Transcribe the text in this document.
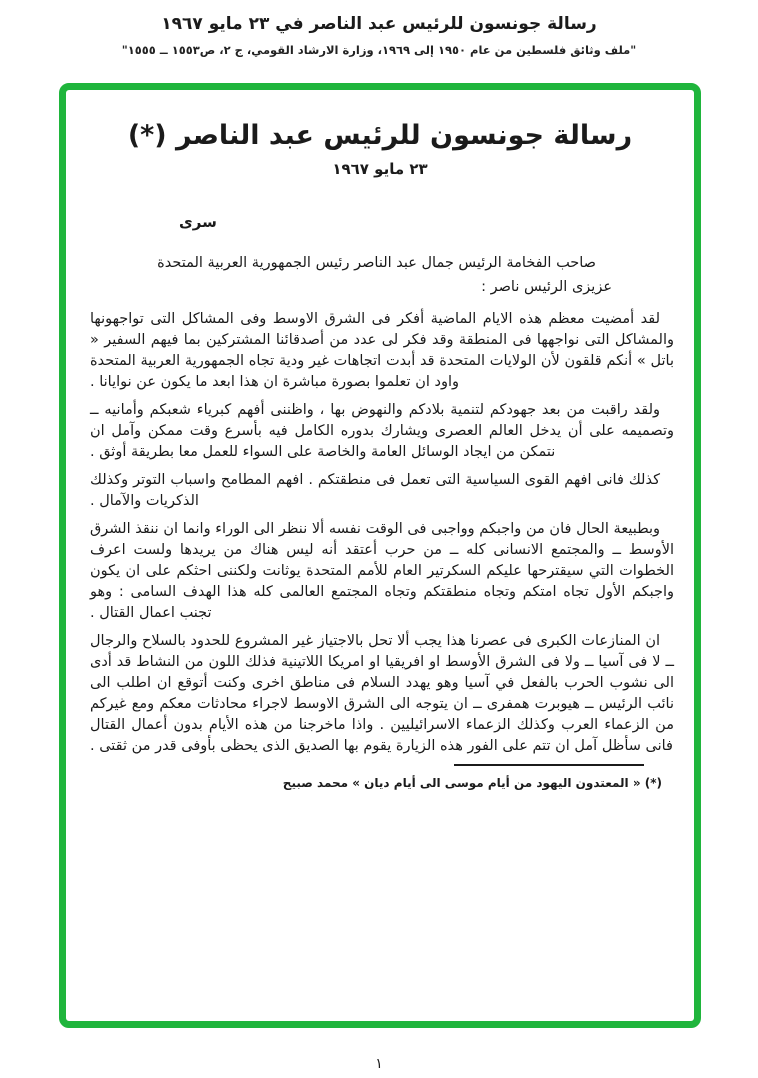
رسالة جونسون للرئيس عبد الناصر في ٢٣ مايو ١٩٦٧
"ملف وثائق فلسطين من عام ١٩٥٠ إلى ١٩٦٩، وزارة الارشاد القومي، ج ٢، ص١٥٥٣ ــ ١٥٥٥"
رسالة جونسون للرئيس عبد الناصر (*)
٢٣ مايو ١٩٦٧
سرى
صاحب الفخامة الرئيس جمال عبد الناصر رئيس الجمهورية العربية المتحدة
عزيزى الرئيس ناصر :

لقد أمضيت معظم هذه الايام الماضية أفكر فى الشرق الاوسط وفى المشاكل التى تواجهونها والمشاكل التى نواجهها فى المنطقة وقد فكر لى عدد من أصدقائنا المشتركين بما فيهم السفير « باتل » أنكم قلقون لأن الولايات المتحدة قد أبدت اتجاهات غير ودية تجاه الجمهورية العربية المتحدة واود ان تعلموا بصورة مباشرة ان هذا ابعد ما يكون عن نوايانا .

ولقد راقبت من بعد جهودكم لتنمية بلادكم والنهوض بها ، واظننى أفهم كبرياء شعبكم وأمانيه ــ وتصميمه على أن يدخل العالم العصرى ويشارك بدوره الكامل فيه بأسرع وقت ممكن وآمل ان نتمكن من ايجاد الوسائل العامة والخاصة على السواء للعمل معا بطريقة أوثق .

كذلك فانى افهم القوى السياسية التى تعمل فى منطقتكم . افهم المطامح واسباب التوتر وكذلك الذكريات والآمال .

وبطبيعة الحال فان من واجبكم وواجبى فى الوقت نفسه ألا ننظر الى الوراء وانما ان ننقذ الشرق الأوسط ــ والمجتمع الانسانى كله ــ من حرب أعتقد أنه ليس هناك من يريدها ولست اعرف الخطوات التي سيقترحها عليكم السكرتير العام للأمم المتحدة يوثانت ولكننى احثكم على ان يكون واجبكم الأول تجاه امتكم وتجاه منطقتكم وتجاه المجتمع العالمى كله هذا الهدف السامى : وهو تجنب اعمال القتال .

ان المنازعات الكبرى فى عصرنا هذا يجب ألا تحل بالاجتياز غير المشروع للحدود بالسلاح والرجال ــ لا فى آسيا ــ ولا فى الشرق الأوسط او افريقيا او امريكا اللاتينية فذلك اللون من النشاط قد أدى الى نشوب الحرب بالفعل في آسيا وهو يهدد السلام فى مناطق اخرى وكنت أتوقع ان اطلب الى نائب الرئيس ــ هيوبرت همفرى ــ ان يتوجه الى الشرق الاوسط لاجراء محادثات معكم ومع غيركم من الزعماء العرب وكذلك الزعماء الاسرائيليين . واذا ماخرجنا من هذه الأيام بدون أعمال القتال فانى سأظل آمل ان تتم على الفور هذه الزيارة يقوم بها الصديق الذى يحظى بأوفى قدر من ثقتى .

(*) « المعتدون اليهود من أيام موسى الى أيام ديان » محمد صبيح
١
